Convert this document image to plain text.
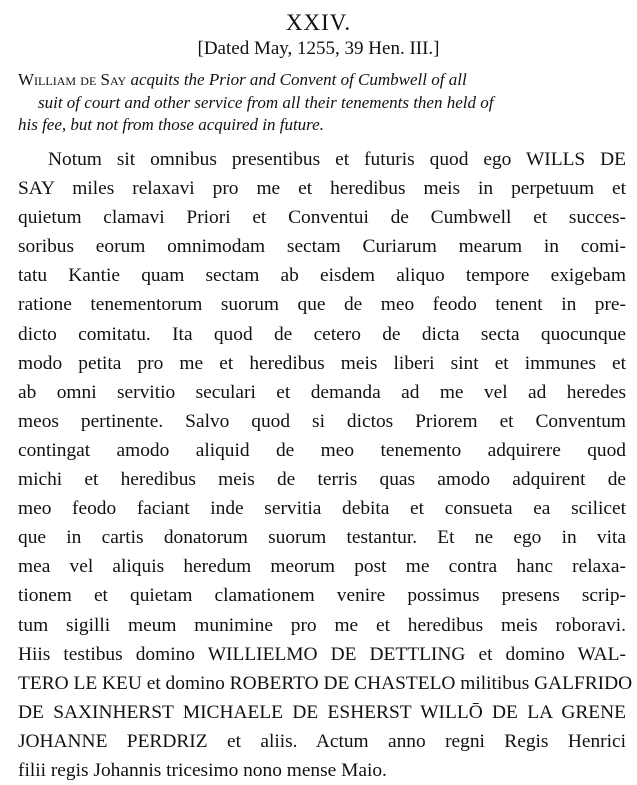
XXIV.
[Dated May, 1255, 39 Hen. III.]
William de Say acquits the Prior and Convent of Cumbwell of all
suit of court and other service from all their tenements then held of
his fee, but not from those acquired in future.
Notum sit omnibus presentibus et futuris quod ego WILLS DE
SAY miles relaxavi pro me et heredibus meis in perpetuum et
quietum clamavi Priori et Conventui de Cumbwell et succes-
soribus eorum omnimodam sectam Curiarum mearum in comi-
tatu Kantie quam sectam ab eisdem aliquo tempore exigebam
ratione tenementorum suorum que de meo feodo tenent in pre-
dicto comitatu. Ita quod de cetero de dicta secta quocunque
modo petita pro me et heredibus meis liberi sint et immunes et
ab omni servitio seculari et demanda ad me vel ad heredes
meos pertinente. Salvo quod si dictos Priorem et Conventum
contingat amodo aliquid de meo tenemento adquirere quod
michi et heredibus meis de terris quas amodo adquirent de
meo feodo faciant inde servitia debita et consueta ea scilicet
que in cartis donatorum suorum testantur. Et ne ego in vita
mea vel aliquis heredum meorum post me contra hanc relaxa-
tionem et quietam clamationem venire possimus presens scrip-
tum sigilli meum munimine pro me et heredibus meis roboravi.
Hiis testibus domino WILLIELMO DE DETTLING et domino WAL-
TERO LE KEU et domino ROBERTO DE CHASTELO militibus GALFRIDO
DE SAXINHERST MICHAELE DE ESHERST WILLŌ DE LA GRENE
JOHANNE PERDRIZ et aliis. Actum anno regni Regis Henrici
filii regis Johannis tricesimo nono mense Maio.
